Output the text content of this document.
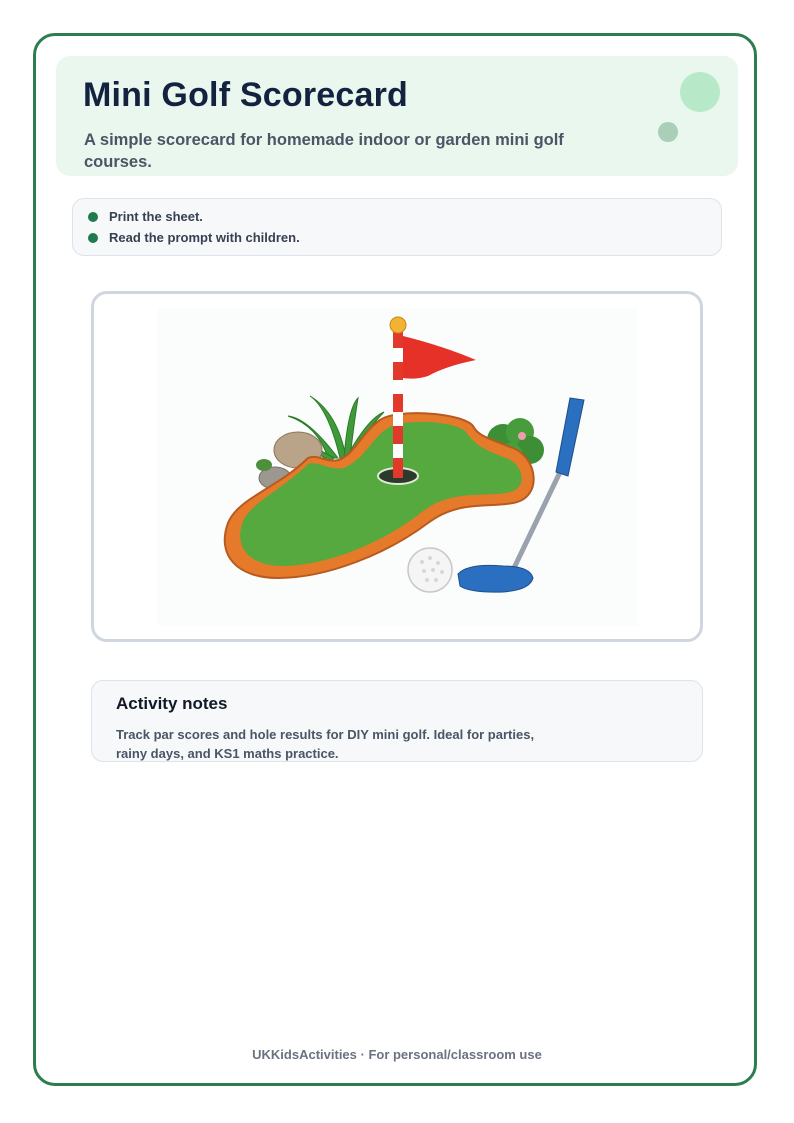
Mini Golf Scorecard

A simple scorecard for homemade indoor or garden mini golf courses.

Print the sheet.
Read the prompt with children.
Activity notes

Track par scores and hole results for DIY mini golf. Ideal for parties, rainy days, and KS1 maths practice.

UKKidsActivities · For personal/classroom use
